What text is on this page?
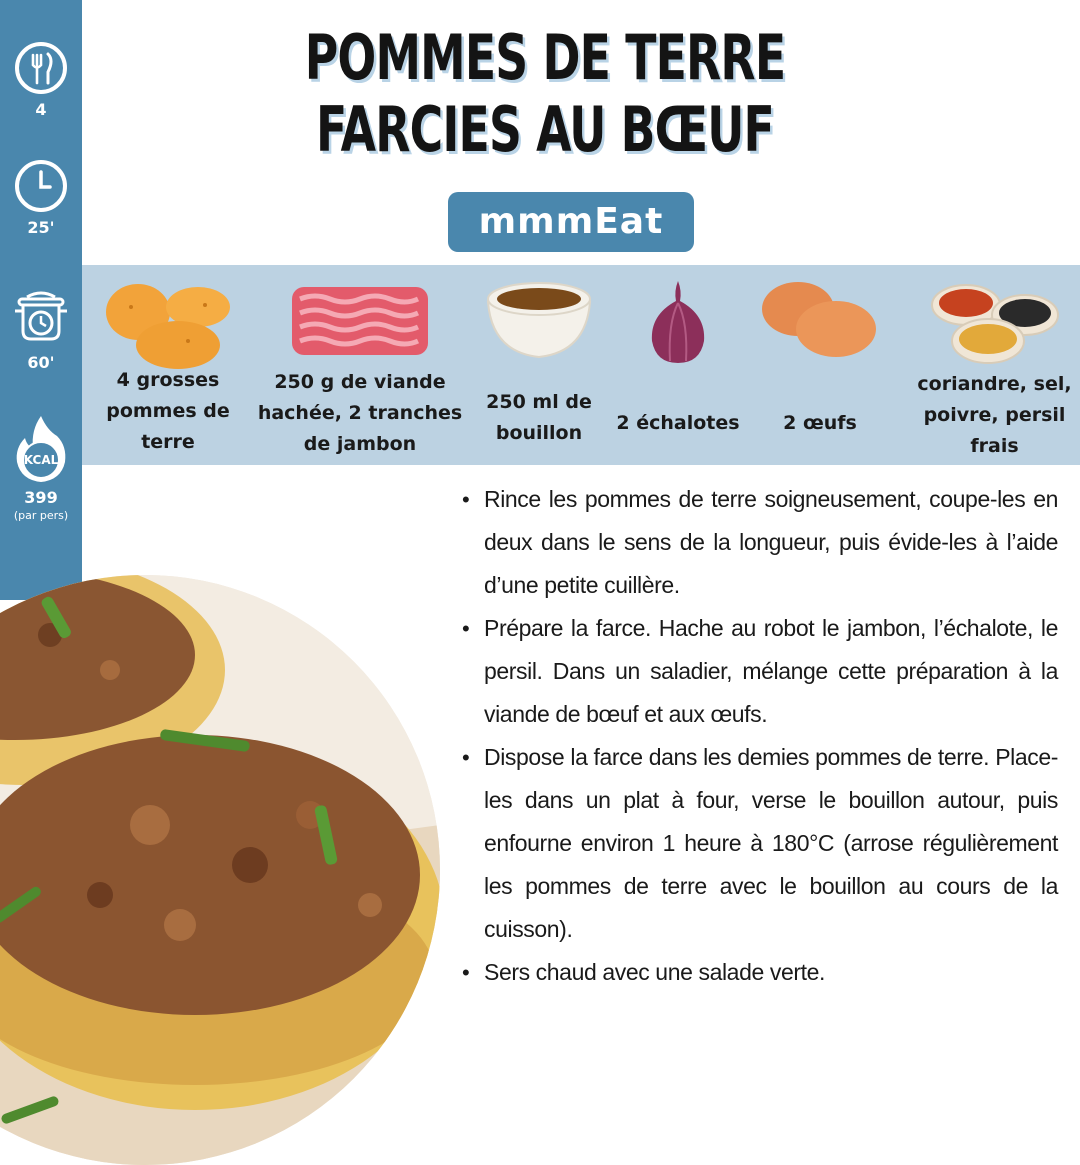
4
25'
60'
KCAL
399
(par pers)
POMMES DE TERRE FARCIES AU BŒUF
mmmEat
4 grosses pommes de terre
250 g de viande hachée, 2 tranches de jambon
250 ml de bouillon	2 échalotes	2 œufs
coriandre, sel, poivre, persil frais
• Rince les pommes de terre soigneusement, coupe-les en deux dans le sens de la longueur, puis évide-les à l’aide d’une petite cuillère.
• Prépare la farce. Hache au robot le jambon, l’échalote, le persil. Dans un saladier, mélange cette préparation à la viande de bœuf et aux œufs.
• Dispose la farce dans les demies pommes de terre. Place-les dans un plat à four, verse le bouillon autour, puis enfourne environ 1 heure à 180°C (arrose régulièrement les pommes de terre avec le bouillon au cours de la cuisson).
• Sers chaud avec une salade verte.
